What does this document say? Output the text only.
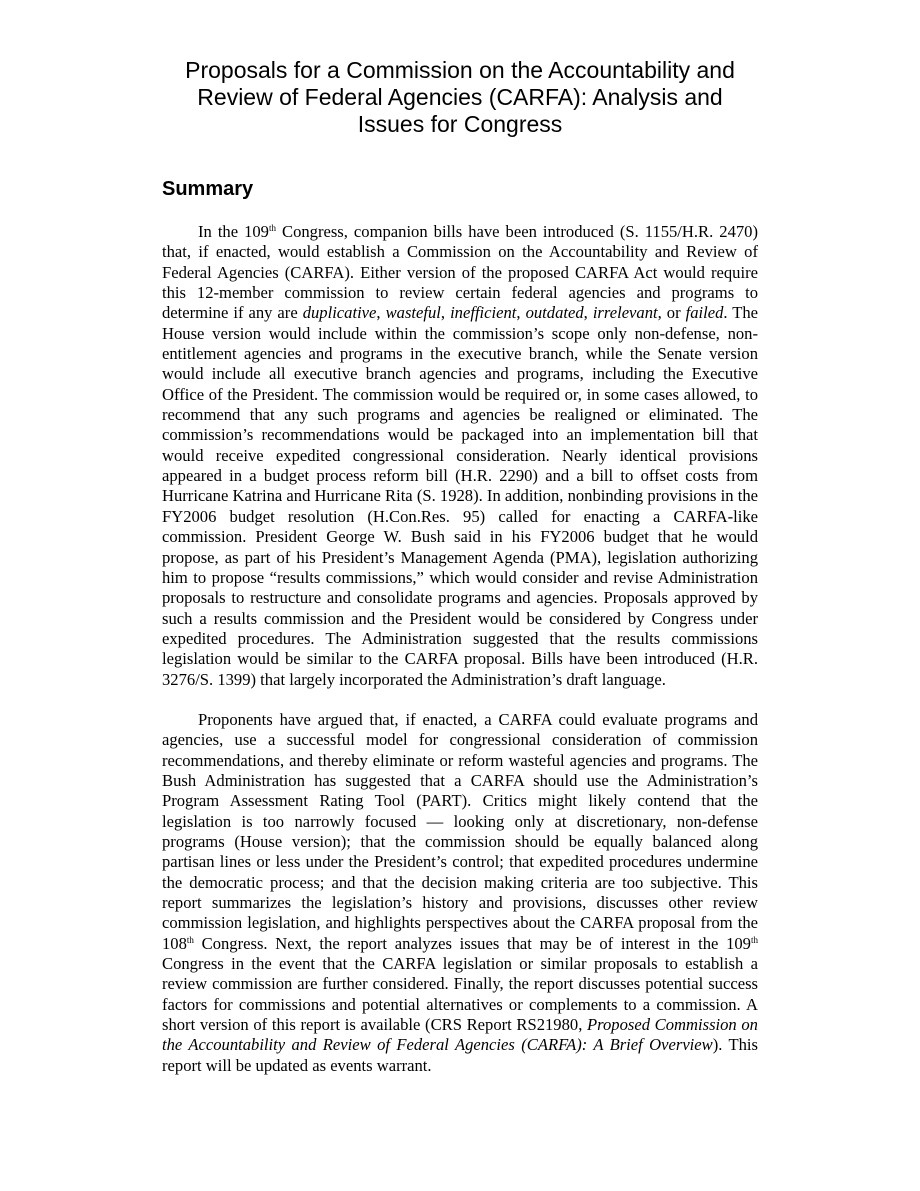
Proposals for a Commission on the Accountability and
Review of Federal Agencies (CARFA): Analysis and
Issues for Congress
Summary

In the 109th Congress, companion bills have been introduced (S. 1155/H.R. 2470) that, if enacted, would establish a Commission on the Accountability and Review of Federal Agencies (CARFA). Either version of the proposed CARFA Act would require this 12-member commission to review certain federal agencies and programs to determine if any are duplicative, wasteful, inefficient, outdated, irrelevant, or failed. The House version would include within the commission’s scope only non-defense, non-entitlement agencies and programs in the executive branch, while the Senate version would include all executive branch agencies and programs, including the Executive Office of the President. The commission would be required or, in some cases allowed, to recommend that any such programs and agencies be realigned or eliminated. The commission’s recommendations would be packaged into an implementation bill that would receive expedited congressional consideration. Nearly identical provisions appeared in a budget process reform bill (H.R. 2290) and a bill to offset costs from Hurricane Katrina and Hurricane Rita (S. 1928). In addition, nonbinding provisions in the FY2006 budget resolution (H.Con.Res. 95) called for enacting a CARFA-like commission. President George W. Bush said in his FY2006 budget that he would propose, as part of his President’s Management Agenda (PMA), legislation authorizing him to propose “results commissions,” which would consider and revise Administration proposals to restructure and consolidate programs and agencies. Proposals approved by such a results commission and the President would be considered by Congress under expedited procedures. The Administration suggested that the results commissions legislation would be similar to the CARFA proposal. Bills have been introduced (H.R. 3276/S. 1399) that largely incorporated the Administration’s draft language.

Proponents have argued that, if enacted, a CARFA could evaluate programs and agencies, use a successful model for congressional consideration of commission recommendations, and thereby eliminate or reform wasteful agencies and programs. The Bush Administration has suggested that a CARFA should use the Administration’s Program Assessment Rating Tool (PART). Critics might likely contend that the legislation is too narrowly focused — looking only at discretionary, non-defense programs (House version); that the commission should be equally balanced along partisan lines or less under the President’s control; that expedited procedures undermine the democratic process; and that the decision making criteria are too subjective. This report summarizes the legislation’s history and provisions, discusses other review commission legislation, and highlights perspectives about the CARFA proposal from the 108th Congress. Next, the report analyzes issues that may be of interest in the 109th Congress in the event that the CARFA legislation or similar proposals to establish a review commission are further considered. Finally, the report discusses potential success factors for commissions and potential alternatives or complements to a commission. A short version of this report is available (CRS Report RS21980, Proposed Commission on the Accountability and Review of Federal Agencies (CARFA): A Brief Overview). This report will be updated as events warrant.
